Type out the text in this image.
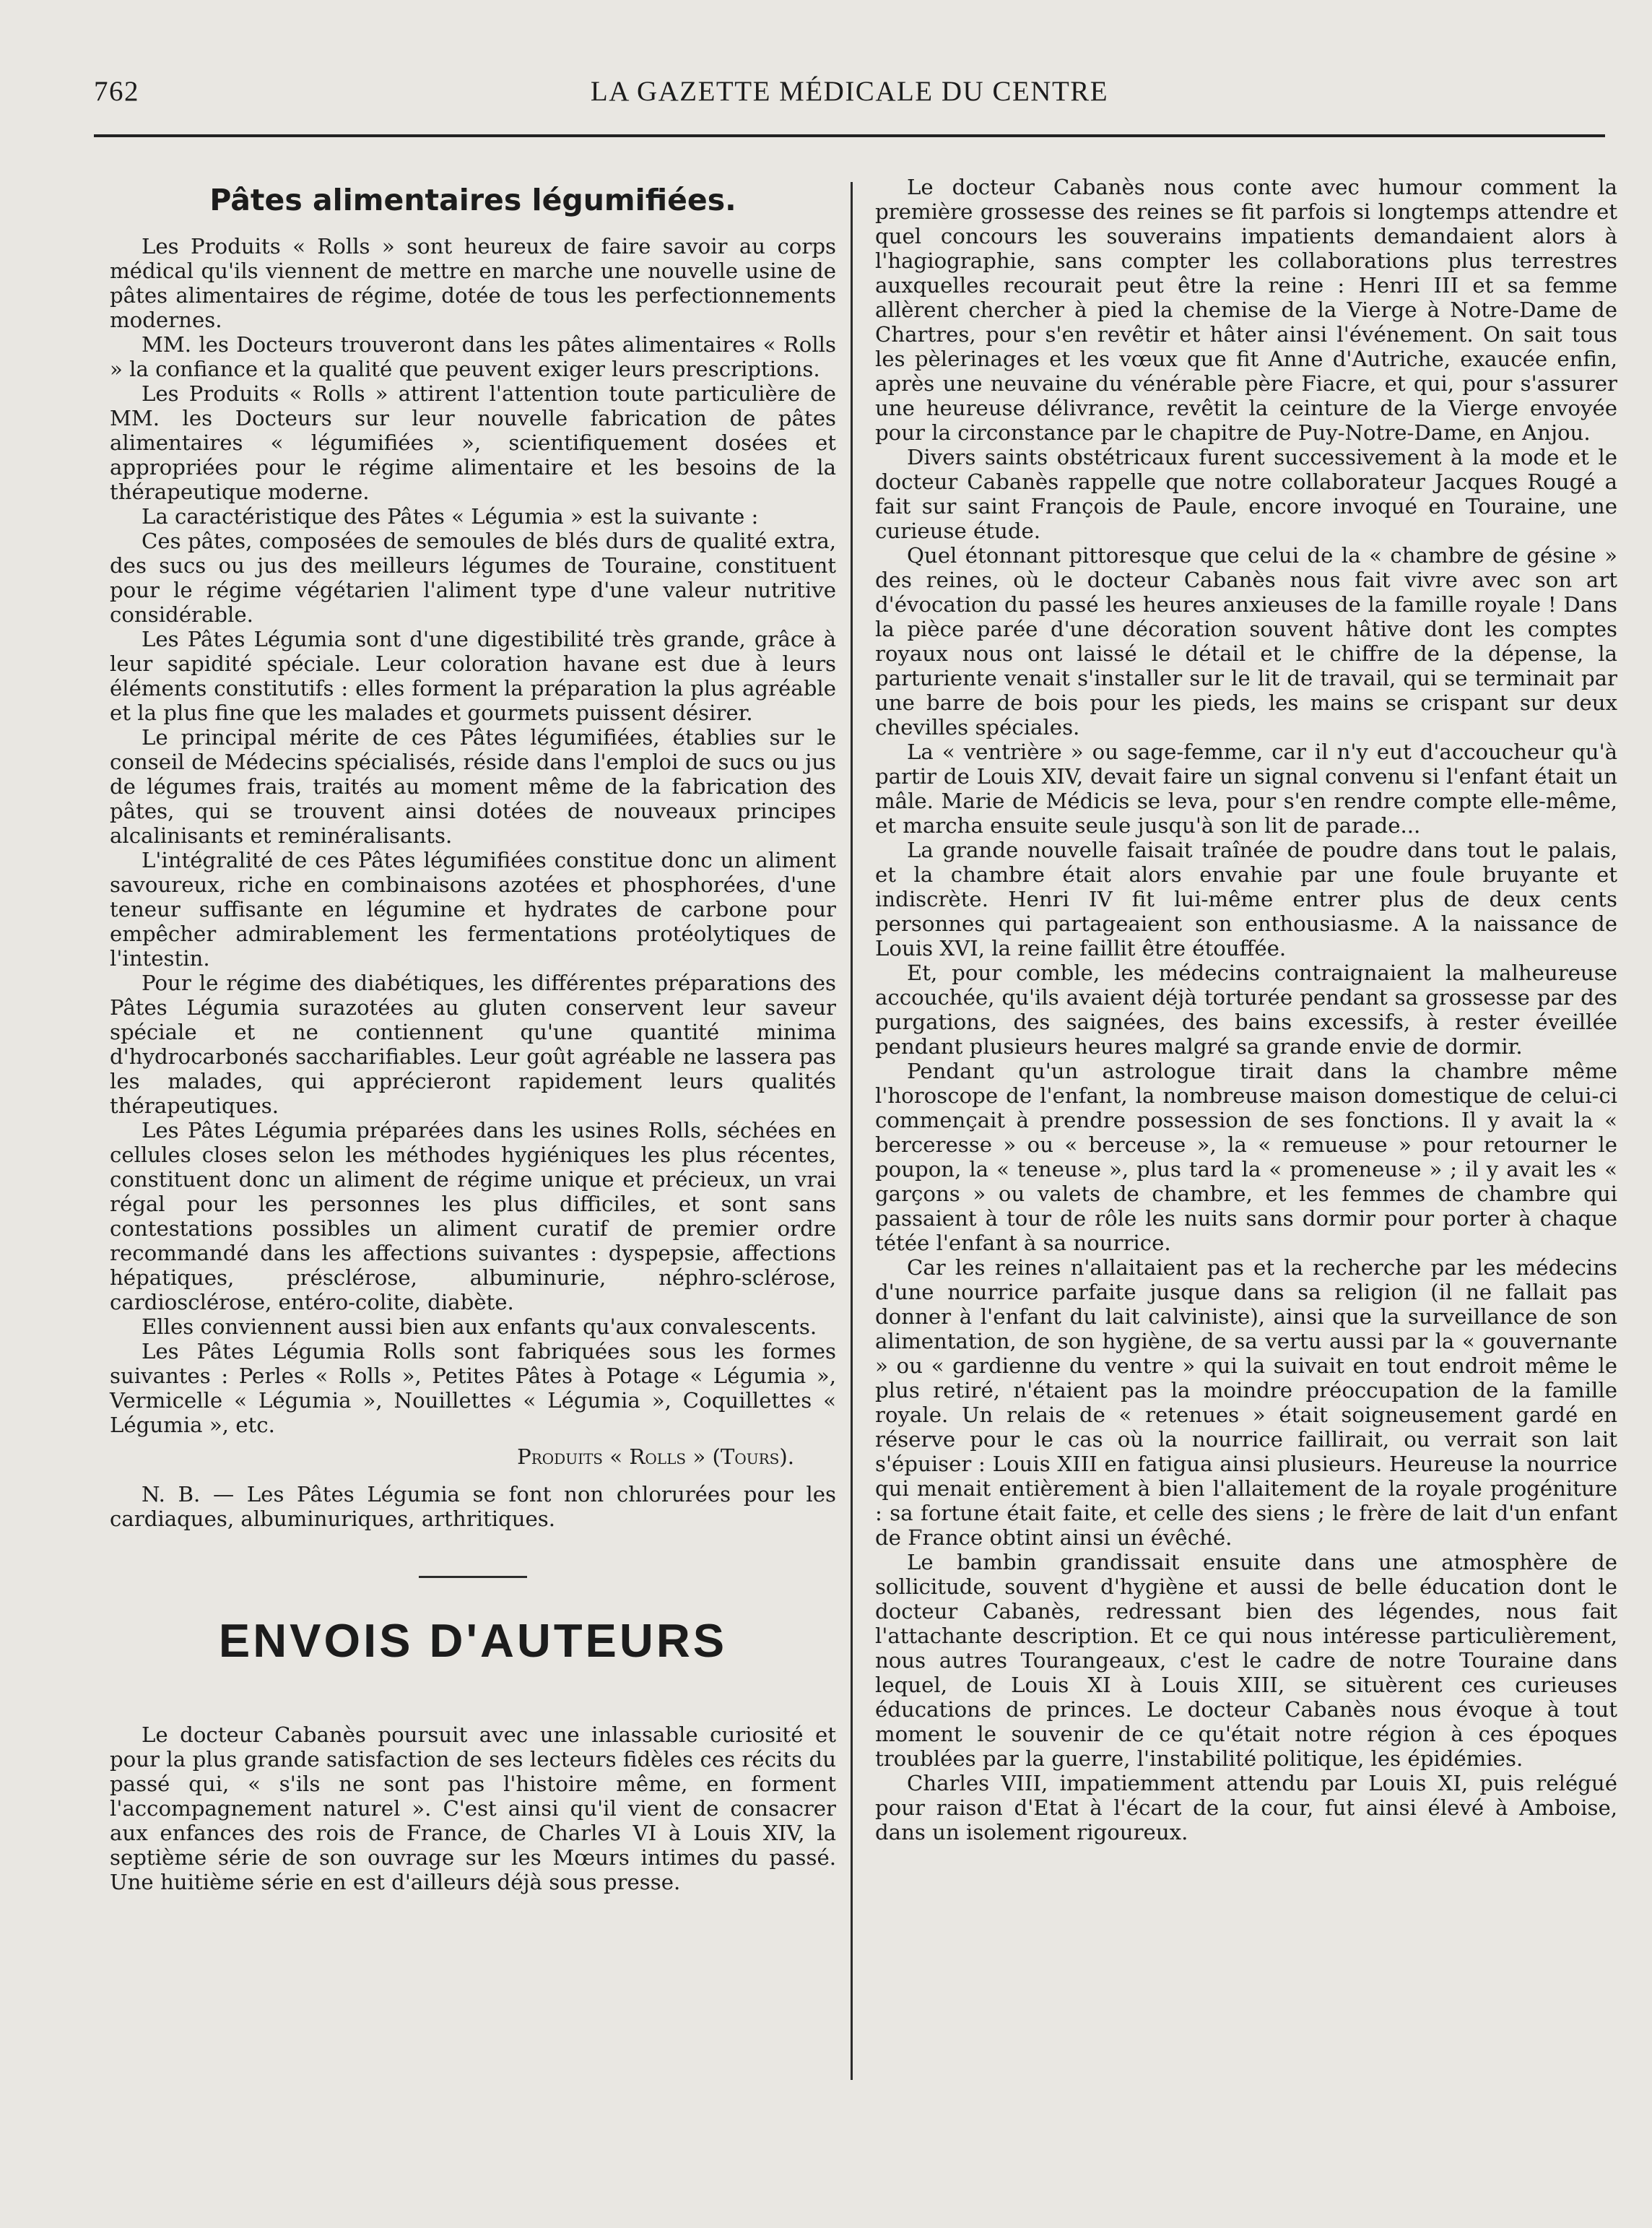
762	LA GAZETTE MÉDICALE DU CENTRE
Pâtes alimentaires légumifiées.

Les Produits « Rolls » sont heureux de faire savoir au corps médical qu'ils viennent de mettre en marche une nouvelle usine de pâtes alimentaires de régime, dotée de tous les perfectionnements modernes.

MM. les Docteurs trouveront dans les pâtes alimentaires « Rolls » la confiance et la qualité que peuvent exiger leurs prescriptions.

Les Produits « Rolls » attirent l'attention toute particulière de MM. les Docteurs sur leur nouvelle fabrication de pâtes alimentaires « légumifiées », scientifiquement dosées et appropriées pour le régime alimentaire et les besoins de la thérapeutique moderne.

La caractéristique des Pâtes « Légumia » est la suivante :

Ces pâtes, composées de semoules de blés durs de qualité extra, des sucs ou jus des meilleurs légumes de Touraine, constituent pour le régime végétarien l'aliment type d'une valeur nutritive considérable.

Les Pâtes Légumia sont d'une digestibilité très grande, grâce à leur sapidité spéciale. Leur coloration havane est due à leurs éléments constitutifs : elles forment la préparation la plus agréable et la plus fine que les malades et gourmets puissent désirer.

Le principal mérite de ces Pâtes légumifiées, établies sur le conseil de Médecins spécialisés, réside dans l'emploi de sucs ou jus de légumes frais, traités au moment même de la fabrication des pâtes, qui se trouvent ainsi dotées de nouveaux principes alcalinisants et reminéralisants.

L'intégralité de ces Pâtes légumifiées constitue donc un aliment savoureux, riche en combinaisons azotées et phosphorées, d'une teneur suffisante en légumine et hydrates de carbone pour empêcher admirablement les fermentations protéolytiques de l'intestin.

Pour le régime des diabétiques, les différentes préparations des Pâtes Légumia surazotées au gluten conservent leur saveur spéciale et ne contiennent qu'une quantité minima d'hydrocarbonés saccharifiables. Leur goût agréable ne lassera pas les malades, qui apprécieront rapidement leurs qualités thérapeutiques.

Les Pâtes Légumia préparées dans les usines Rolls, séchées en cellules closes selon les méthodes hygiéniques les plus récentes, constituent donc un aliment de régime unique et précieux, un vrai régal pour les personnes les plus difficiles, et sont sans contestations possibles un aliment curatif de premier ordre recommandé dans les affections suivantes : dyspepsie, affections hépatiques, présclérose, albuminurie, néphro-sclérose, cardiosclérose, entéro-colite, diabète.

Elles conviennent aussi bien aux enfants qu'aux convalescents.

Les Pâtes Légumia Rolls sont fabriquées sous les formes suivantes : Perles « Rolls », Petites Pâtes à Potage « Légumia », Vermicelle « Légumia », Nouillettes « Légumia », Coquillettes « Légumia », etc.

Produits « Rolls » (Tours).

N. B. — Les Pâtes Légumia se font non chlorurées pour les cardiaques, albuminuriques, arthritiques.

ENVOIS D'AUTEURS

Le docteur Cabanès poursuit avec une inlassable curiosité et pour la plus grande satisfaction de ses lecteurs fidèles ces récits du passé qui, « s'ils ne sont pas l'histoire même, en forment l'accompagnement naturel ». C'est ainsi qu'il vient de consacrer aux enfances des rois de France, de Charles VI à Louis XIV, la septième série de son ouvrage sur les Mœurs intimes du passé. Une huitième série en est d'ailleurs déjà sous presse.

Le docteur Cabanès nous conte avec humour comment la première grossesse des reines se fit parfois si longtemps attendre et quel concours les souverains impatients demandaient alors à l'hagiographie, sans compter les collaborations plus terrestres auxquelles recourait peut être la reine : Henri III et sa femme allèrent chercher à pied la chemise de la Vierge à Notre-Dame de Chartres, pour s'en revêtir et hâter ainsi l'événement. On sait tous les pèlerinages et les vœux que fit Anne d'Autriche, exaucée enfin, après une neuvaine du vénérable père Fiacre, et qui, pour s'assurer une heureuse délivrance, revêtit la ceinture de la Vierge envoyée pour la circonstance par le chapitre de Puy-Notre-Dame, en Anjou.

Divers saints obstétricaux furent successivement à la mode et le docteur Cabanès rappelle que notre collaborateur Jacques Rougé a fait sur saint François de Paule, encore invoqué en Touraine, une curieuse étude.

Quel étonnant pittoresque que celui de la « chambre de gésine » des reines, où le docteur Cabanès nous fait vivre avec son art d'évocation du passé les heures anxieuses de la famille royale ! Dans la pièce parée d'une décoration souvent hâtive dont les comptes royaux nous ont laissé le détail et le chiffre de la dépense, la parturiente venait s'installer sur le lit de travail, qui se terminait par une barre de bois pour les pieds, les mains se crispant sur deux chevilles spéciales.

La « ventrière » ou sage-femme, car il n'y eut d'accoucheur qu'à partir de Louis XIV, devait faire un signal convenu si l'enfant était un mâle. Marie de Médicis se leva, pour s'en rendre compte elle-même, et marcha ensuite seule jusqu'à son lit de parade...

La grande nouvelle faisait traînée de poudre dans tout le palais, et la chambre était alors envahie par une foule bruyante et indiscrète. Henri IV fit lui-même entrer plus de deux cents personnes qui partageaient son enthousiasme. A la naissance de Louis XVI, la reine faillit être étouffée.

Et, pour comble, les médecins contraignaient la malheureuse accouchée, qu'ils avaient déjà torturée pendant sa grossesse par des purgations, des saignées, des bains excessifs, à rester éveillée pendant plusieurs heures malgré sa grande envie de dormir.

Pendant qu'un astrologue tirait dans la chambre même l'horoscope de l'enfant, la nombreuse maison domestique de celui-ci commençait à prendre possession de ses fonctions. Il y avait la « berceresse » ou « berceuse », la « remueuse » pour retourner le poupon, la « teneuse », plus tard la « promeneuse » ; il y avait les « garçons » ou valets de chambre, et les femmes de chambre qui passaient à tour de rôle les nuits sans dormir pour porter à chaque tétée l'enfant à sa nourrice.

Car les reines n'allaitaient pas et la recherche par les médecins d'une nourrice parfaite jusque dans sa religion (il ne fallait pas donner à l'enfant du lait calviniste), ainsi que la surveillance de son alimentation, de son hygiène, de sa vertu aussi par la « gouvernante » ou « gardienne du ventre » qui la suivait en tout endroit même le plus retiré, n'étaient pas la moindre préoccupation de la famille royale. Un relais de « retenues » était soigneusement gardé en réserve pour le cas où la nourrice faillirait, ou verrait son lait s'épuiser : Louis XIII en fatigua ainsi plusieurs. Heureuse la nourrice qui menait entièrement à bien l'allaitement de la royale progéniture : sa fortune était faite, et celle des siens ; le frère de lait d'un enfant de France obtint ainsi un évêché.

Le bambin grandissait ensuite dans une atmosphère de sollicitude, souvent d'hygiène et aussi de belle éducation dont le docteur Cabanès, redressant bien des légendes, nous fait l'attachante description. Et ce qui nous intéresse particulièrement, nous autres Tourangeaux, c'est le cadre de notre Touraine dans lequel, de Louis XI à Louis XIII, se situèrent ces curieuses éducations de princes. Le docteur Cabanès nous évoque à tout moment le souvenir de ce qu'était notre région à ces époques troublées par la guerre, l'instabilité politique, les épidémies.

Charles VIII, impatiemment attendu par Louis XI, puis relégué pour raison d'Etat à l'écart de la cour, fut ainsi élevé à Amboise, dans un isolement rigoureux.
